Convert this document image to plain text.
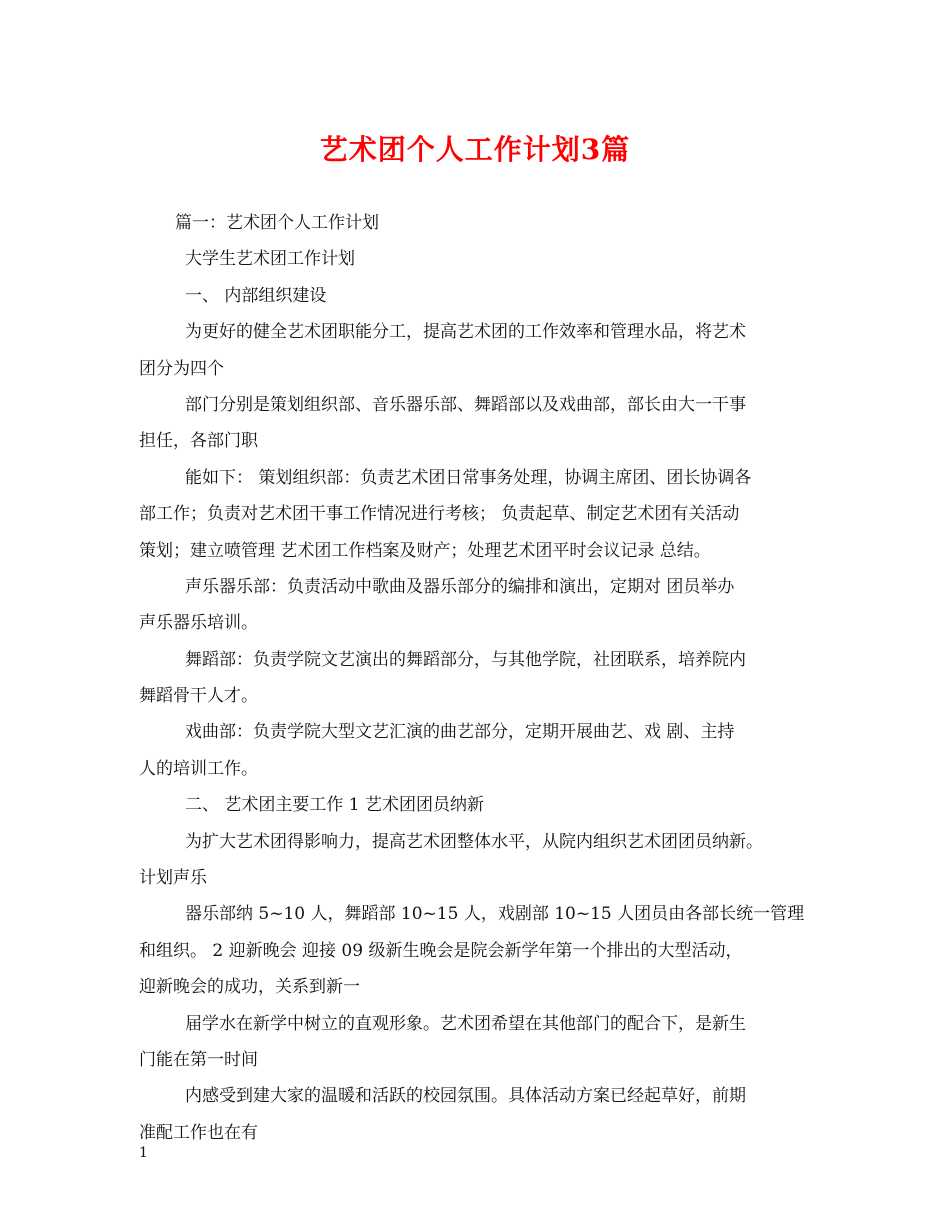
艺术团个人工作计划3篇
篇一：艺术团个人工作计划
大学生艺术团工作计划
一、 内部组织建设
为更好的健全艺术团职能分工，提高艺术团的工作效率和管理水品，将艺术
团分为四个
部门分别是策划组织部、音乐器乐部、舞蹈部以及戏曲部，部长由大一干事
担任，各部门职
能如下： 策划组织部：负责艺术团日常事务处理，协调主席团、团长协调各
部工作；负责对艺术团干事工作情况进行考核； 负责起草、制定艺术团有关活动
策划；建立喷管理 艺术团工作档案及财产；处理艺术团平时会议记录 总结。
声乐器乐部：负责活动中歌曲及器乐部分的编排和演出，定期对 团员举办
声乐器乐培训。
舞蹈部：负责学院文艺演出的舞蹈部分，与其他学院，社团联系，培养院内
舞蹈骨干人才。
戏曲部：负责学院大型文艺汇演的曲艺部分，定期开展曲艺、戏 剧、主持
人的培训工作。
二、 艺术团主要工作 1 艺术团团员纳新
为扩大艺术团得影响力，提高艺术团整体水平，从院内组织艺术团团员纳新。
计划声乐
器乐部纳 5~10 人，舞蹈部 10~15 人，戏剧部 10~15 人团员由各部长统一管理
和组织。 2 迎新晚会 迎接 09 级新生晚会是院会新学年第一个排出的大型活动，
迎新晚会的成功，关系到新一
届学水在新学中树立的直观形象。艺术团希望在其他部门的配合下，是新生
门能在第一时间
内感受到建大家的温暖和活跃的校园氛围。具体活动方案已经起草好，前期
准配工作也在有
1
